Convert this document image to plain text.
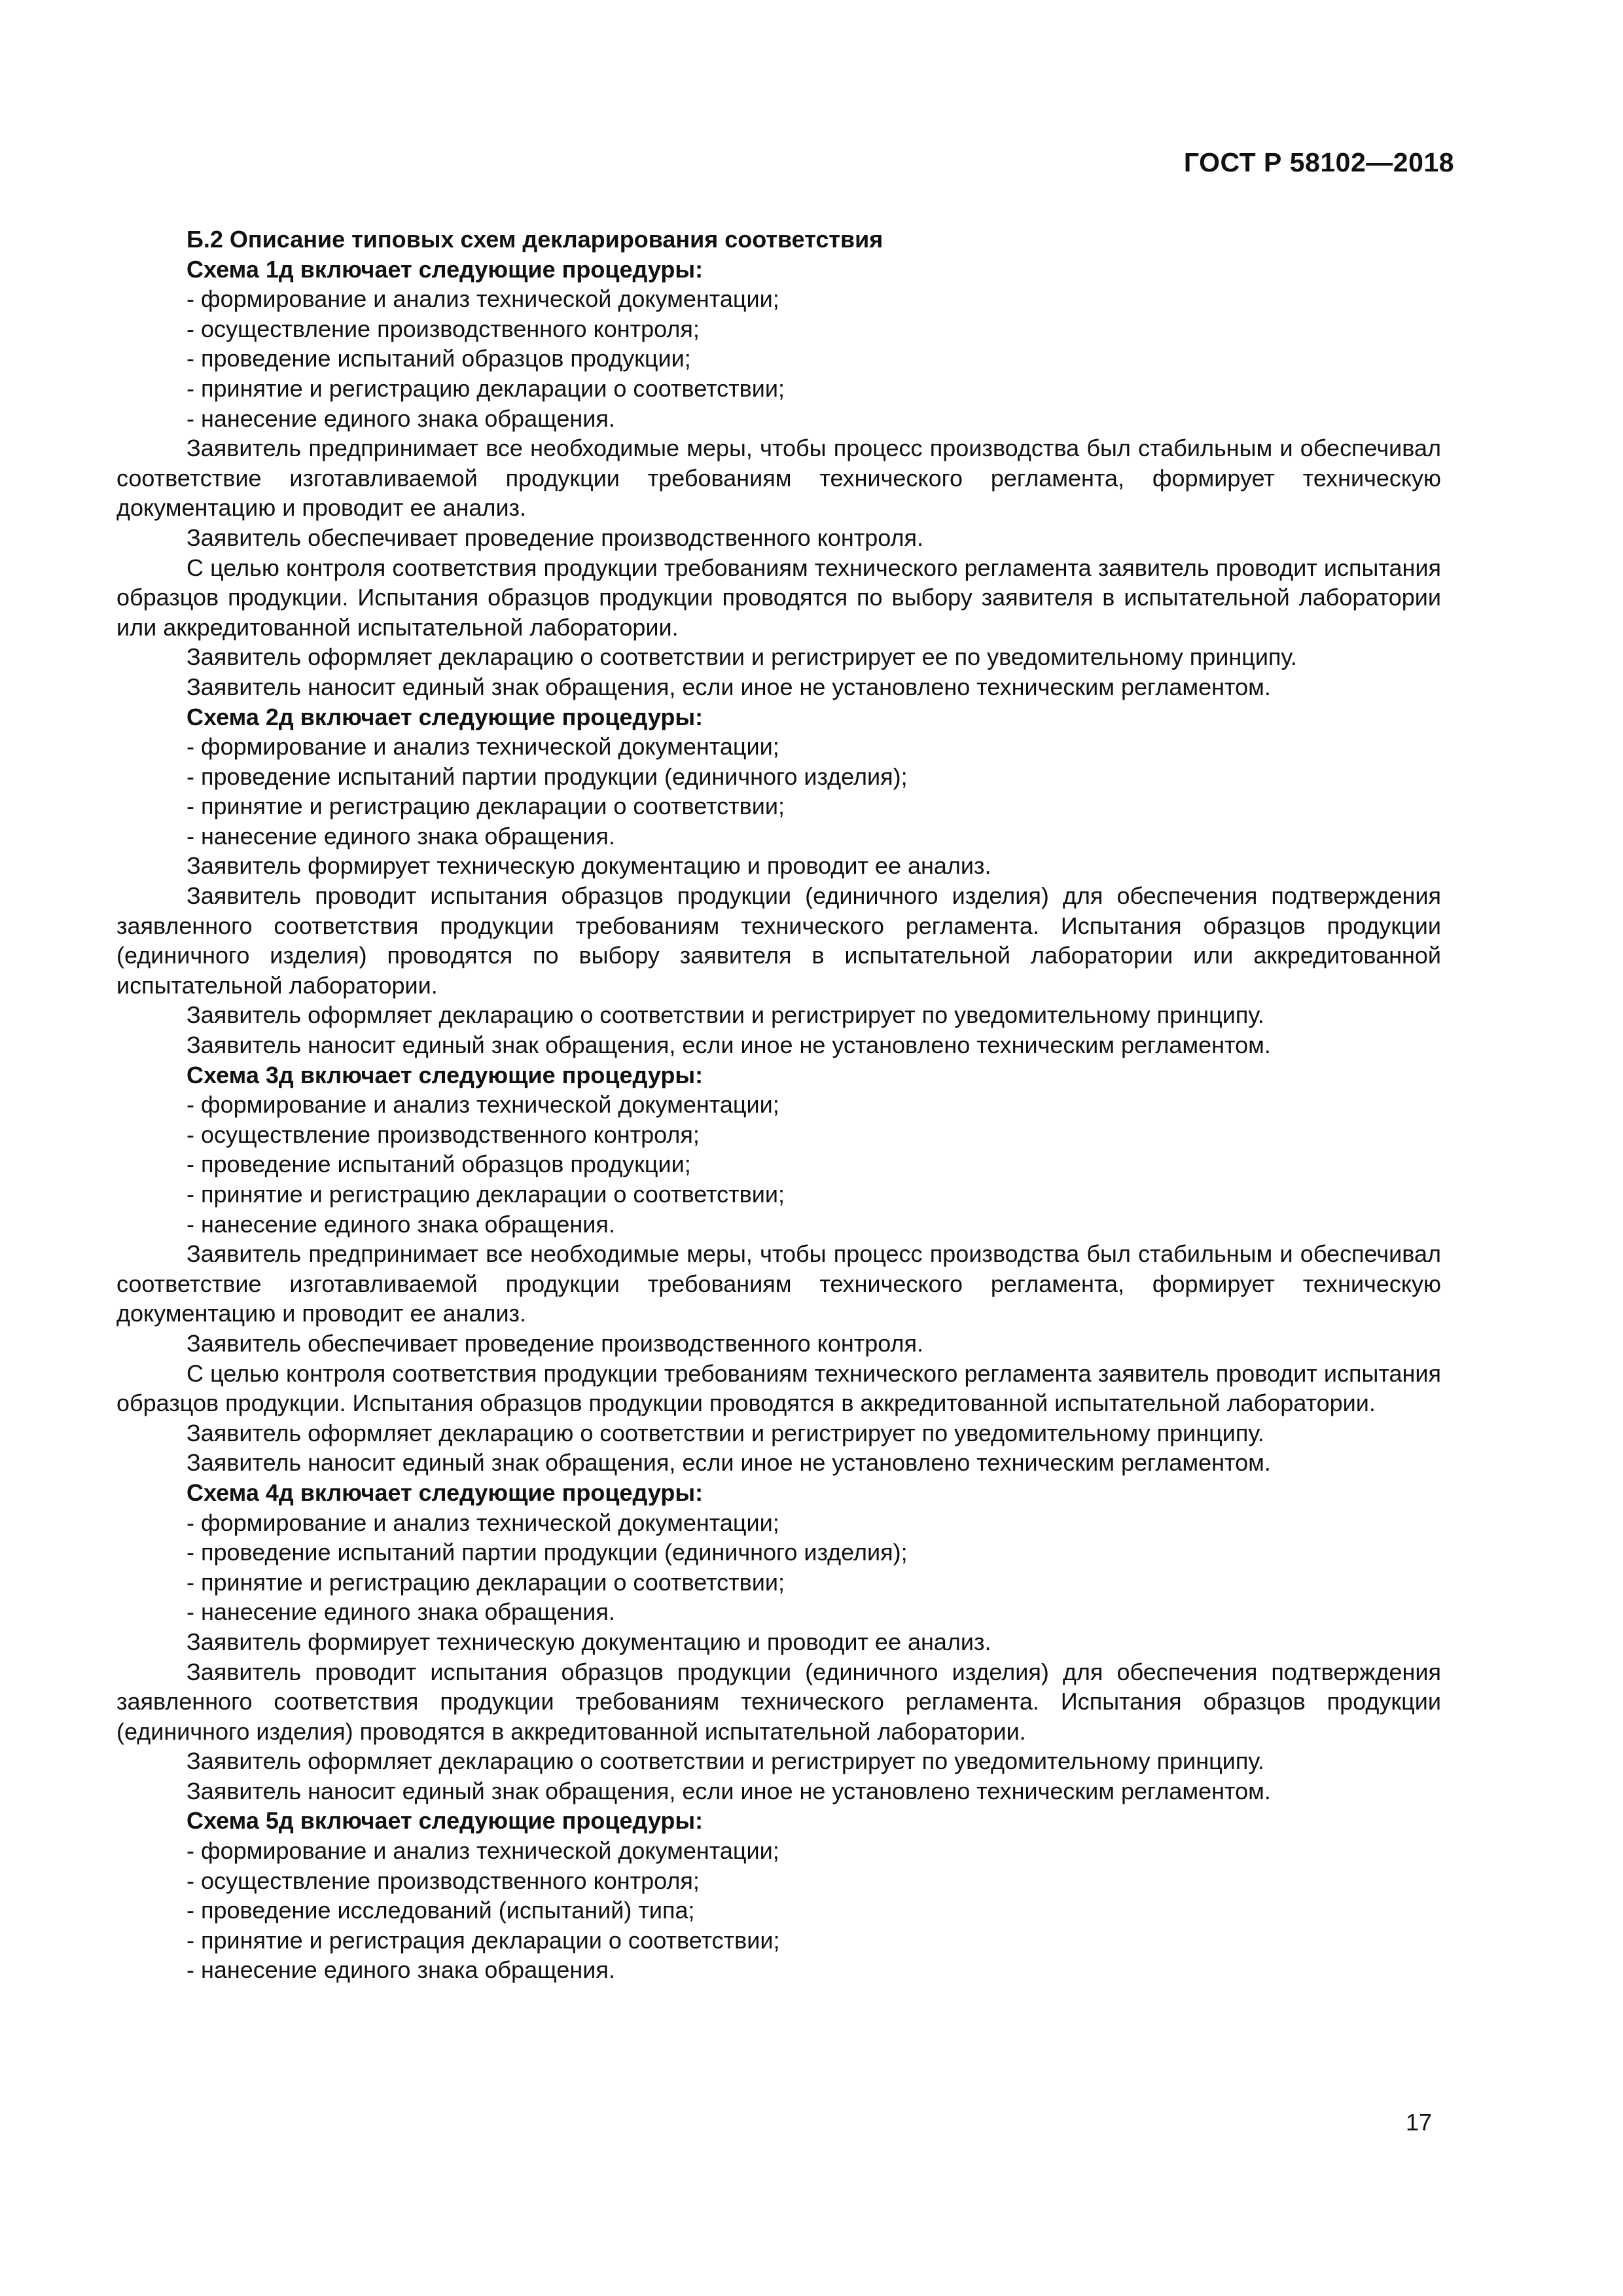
ГОСТ Р 58102—2018

Б.2 Описание типовых схем декларирования соответствия

Схема 1д включает следующие процедуры:

- формирование и анализ технической документации;

- осуществление производственного контроля;

- проведение испытаний образцов продукции;

- принятие и регистрацию декларации о соответствии;

- нанесение единого знака обращения.

Заявитель предпринимает все необходимые меры, чтобы процесс производства был стабильным и обеспечивал соответствие изготавливаемой продукции требованиям технического регламента, формирует техническую документацию и проводит ее анализ.

Заявитель обеспечивает проведение производственного контроля.

С целью контроля соответствия продукции требованиям технического регламента заявитель проводит испытания образцов продукции. Испытания образцов продукции проводятся по выбору заявителя в испытательной лаборатории или аккредитованной испытательной лаборатории.

Заявитель оформляет декларацию о соответствии и регистрирует ее по уведомительному принципу.

Заявитель наносит единый знак обращения, если иное не установлено техническим регламентом.

Схема 2д включает следующие процедуры:

- формирование и анализ технической документации;

- проведение испытаний партии продукции (единичного изделия);

- принятие и регистрацию декларации о соответствии;

- нанесение единого знака обращения.

Заявитель формирует техническую документацию и проводит ее анализ.

Заявитель проводит испытания образцов продукции (единичного изделия) для обеспечения подтверждения заявленного соответствия продукции требованиям технического регламента. Испытания образцов продукции (единичного изделия) проводятся по выбору заявителя в испытательной лаборатории или аккредитованной испытательной лаборатории.

Заявитель оформляет декларацию о соответствии и регистрирует по уведомительному принципу.

Заявитель наносит единый знак обращения, если иное не установлено техническим регламентом.

Схема 3д включает следующие процедуры:

- формирование и анализ технической документации;

- осуществление производственного контроля;

- проведение испытаний образцов продукции;

- принятие и регистрацию декларации о соответствии;

- нанесение единого знака обращения.

Заявитель предпринимает все необходимые меры, чтобы процесс производства был стабильным и обеспечивал соответствие изготавливаемой продукции требованиям технического регламента, формирует техническую документацию и проводит ее анализ.

Заявитель обеспечивает проведение производственного контроля.

С целью контроля соответствия продукции требованиям технического регламента заявитель проводит испытания образцов продукции. Испытания образцов продукции проводятся в аккредитованной испытательной лаборатории.

Заявитель оформляет декларацию о соответствии и регистрирует по уведомительному принципу.

Заявитель наносит единый знак обращения, если иное не установлено техническим регламентом.

Схема 4д включает следующие процедуры:

- формирование и анализ технической документации;

- проведение испытаний партии продукции (единичного изделия);

- принятие и регистрацию декларации о соответствии;

- нанесение единого знака обращения.

Заявитель формирует техническую документацию и проводит ее анализ.

Заявитель проводит испытания образцов продукции (единичного изделия) для обеспечения подтверждения заявленного соответствия продукции требованиям технического регламента. Испытания образцов продукции (единичного изделия) проводятся в аккредитованной испытательной лаборатории.

Заявитель оформляет декларацию о соответствии и регистрирует по уведомительному принципу.

Заявитель наносит единый знак обращения, если иное не установлено техническим регламентом.

Схема 5д включает следующие процедуры:

- формирование и анализ технической документации;

- осуществление производственного контроля;

- проведение исследований (испытаний) типа;

- принятие и регистрация декларации о соответствии;

- нанесение единого знака обращения.

17
